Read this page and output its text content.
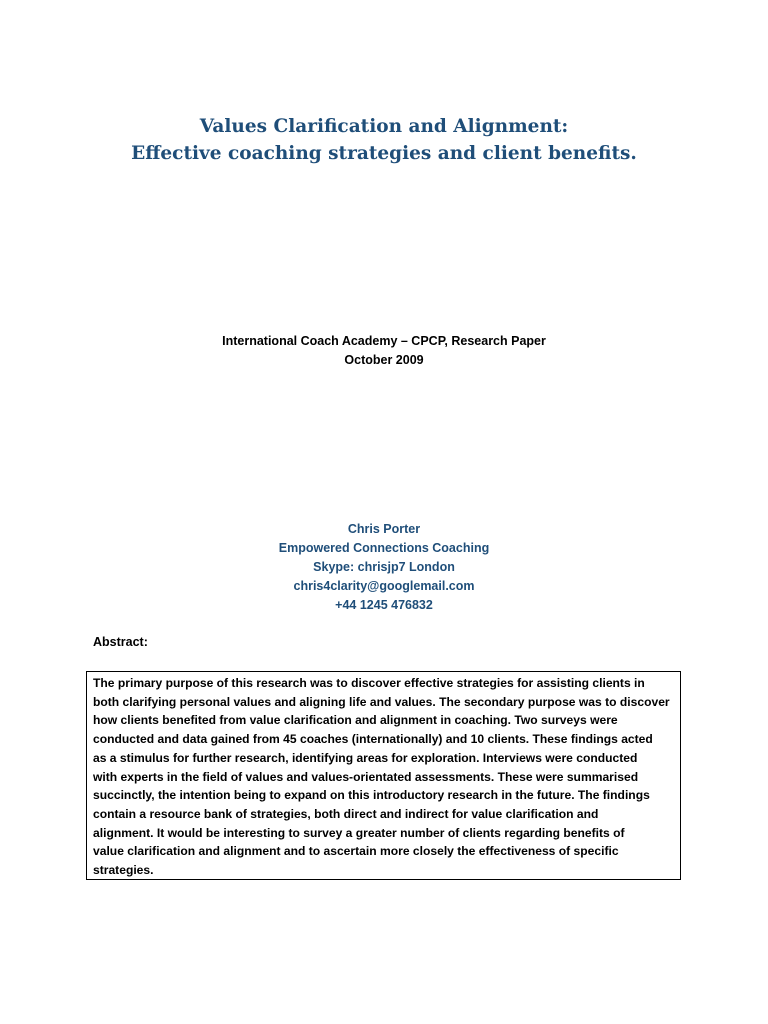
Values Clarification and Alignment:
Effective coaching strategies and client benefits.
International Coach Academy – CPCP, Research Paper
October 2009
Chris Porter
Empowered Connections Coaching
Skype: chrisjp7 London
chris4clarity@googlemail.com
+44 1245 476832
Abstract:
The primary purpose of this research was to discover effective strategies for assisting clients in
both clarifying personal values and aligning life and values. The secondary purpose was to discover
how clients benefited from value clarification and alignment in coaching. Two surveys were
conducted and data gained from 45 coaches (internationally) and 10 clients. These findings acted
as a stimulus for further research, identifying areas for exploration. Interviews were conducted
with experts in the field of values and values-orientated assessments. These were summarised
succinctly, the intention being to expand on this introductory research in the future. The findings
contain a resource bank of strategies, both direct and indirect for value clarification and
alignment. It would be interesting to survey a greater number of clients regarding benefits of
value clarification and alignment and to ascertain more closely the effectiveness of specific
strategies.
